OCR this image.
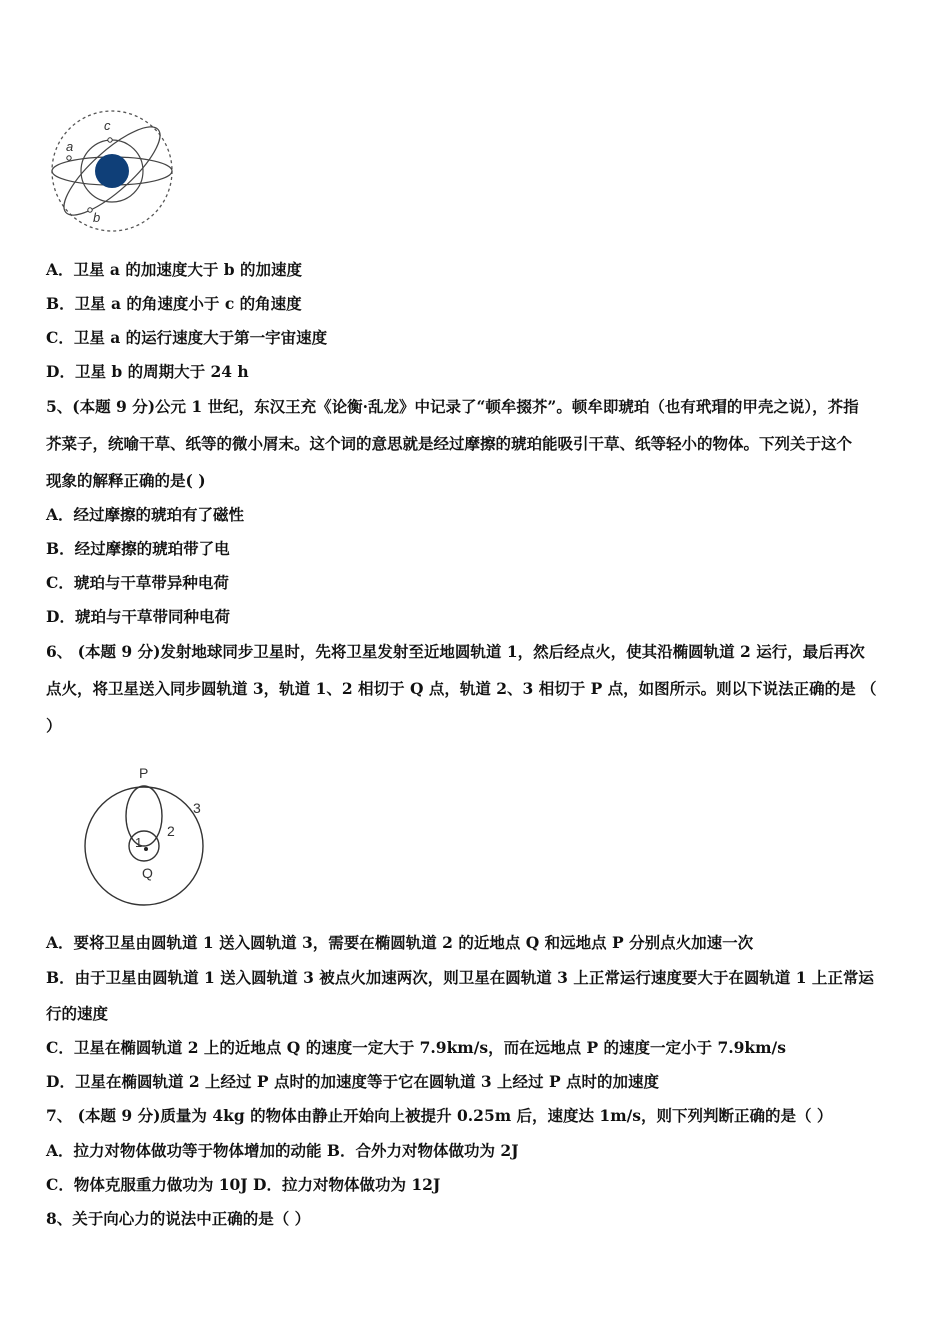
a
c
b
A．卫星 a 的加速度大于 b 的加速度
B．卫星 a 的角速度小于 c 的角速度
C．卫星 a 的运行速度大于第一宇宙速度
D．卫星 b 的周期大于 24 h
5、(本题 9 分)公元 1 世纪，东汉王充《论衡·乱龙》中记录了“顿牟掇芥”。顿牟即琥珀（也有玳瑁的甲壳之说），芥指
芥菜子，统喻干草、纸等的微小屑末。这个词的意思就是经过摩擦的琥珀能吸引干草、纸等轻小的物体。下列关于这个
现象的解释正确的是( )
A．经过摩擦的琥珀有了磁性
B．经过摩擦的琥珀带了电
C．琥珀与干草带异种电荷
D．琥珀与干草带同种电荷
6、 (本题 9 分)发射地球同步卫星时，先将卫星发射至近地圆轨道 1，然后经点火，使其沿椭圆轨道 2 运行，最后再次
点火，将卫星送入同步圆轨道 3，轨道 1、2 相切于 Q 点，轨道 2、3 相切于 P 点，如图所示。则以下说法正确的是 （
）
P
Q
1
2
3
A．要将卫星由圆轨道 1 送入圆轨道 3，需要在椭圆轨道 2 的近地点 Q 和远地点 P 分别点火加速一次
B．由于卫星由圆轨道 1 送入圆轨道 3 被点火加速两次，则卫星在圆轨道 3 上正常运行速度要大于在圆轨道 1 上正常运
行的速度
C．卫星在椭圆轨道 2 上的近地点 Q 的速度一定大于 7.9km/s，而在远地点 P 的速度一定小于 7.9km/s
D．卫星在椭圆轨道 2 上经过 P 点时的加速度等于它在圆轨道 3 上经过 P 点时的加速度
7、 (本题 9 分)质量为 4kg 的物体由静止开始向上被提升 0.25m 后，速度达 1m/s，则下列判断正确的是（ ）
A．拉力对物体做功等于物体增加的动能 B．合外力对物体做功为 2J
C．物体克服重力做功为 10J D．拉力对物体做功为 12J
8、关于向心力的说法中正确的是（ ）
